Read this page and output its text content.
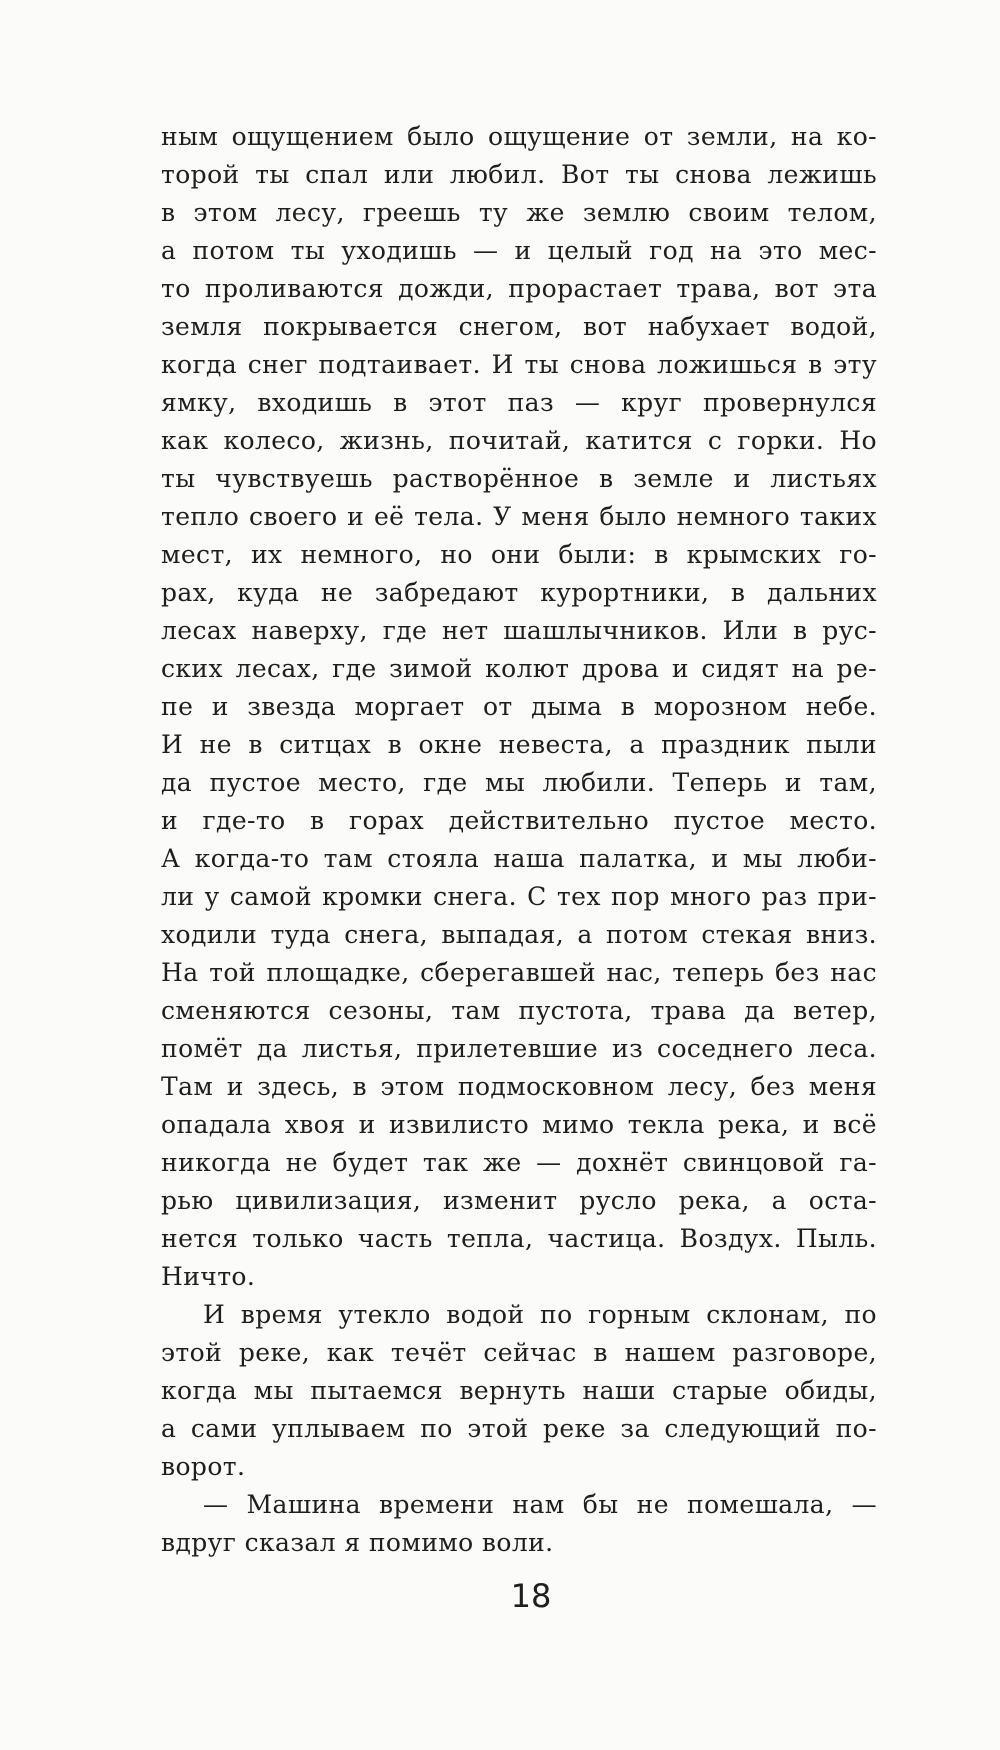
ным ощущением было ощущение от земли, на ко-
торой ты спал или любил. Вот ты снова лежишь
в этом лесу, греешь ту же землю своим телом,
а потом ты уходишь — и целый год на это мес-
то проливаются дожди, прорастает трава, вот эта
земля покрывается снегом, вот набухает водой,
когда снег подтаивает. И ты снова ложишься в эту
ямку, входишь в этот паз — круг провернулся
как колесо, жизнь, почитай, катится с горки. Но
ты чувствуешь растворённое в земле и листьях
тепло своего и её тела. У меня было немного таких
мест, их немного, но они были: в крымских го-
рах, куда не забредают курортники, в дальних
лесах наверху, где нет шашлычников. Или в рус-
ских лесах, где зимой колют дрова и сидят на ре-
пе и звезда моргает от дыма в морозном небе.
И не в ситцах в окне невеста, а праздник пыли
да пустое место, где мы любили. Теперь и там,
и где-то в горах действительно пустое место.
А когда-то там стояла наша палатка, и мы люби-
ли у самой кромки снега. С тех пор много раз при-
ходили туда снега, выпадая, а потом стекая вниз.
На той площадке, сберегавшей нас, теперь без нас
сменяются сезоны, там пустота, трава да ветер,
помёт да листья, прилетевшие из соседнего леса.
Там и здесь, в этом подмосковном лесу, без меня
опадала хвоя и извилисто мимо текла река, и всё
никогда не будет так же — дохнёт свинцовой га-
рью цивилизация, изменит русло река, а оста-
нется только часть тепла, частица. Воздух. Пыль.
Ничто.
И время утекло водой по горным склонам, по
этой реке, как течёт сейчас в нашем разговоре,
когда мы пытаемся вернуть наши старые обиды,
а сами уплываем по этой реке за следующий по-
ворот.
— Машина времени нам бы не помешала, —
вдруг сказал я помимо воли.
18
